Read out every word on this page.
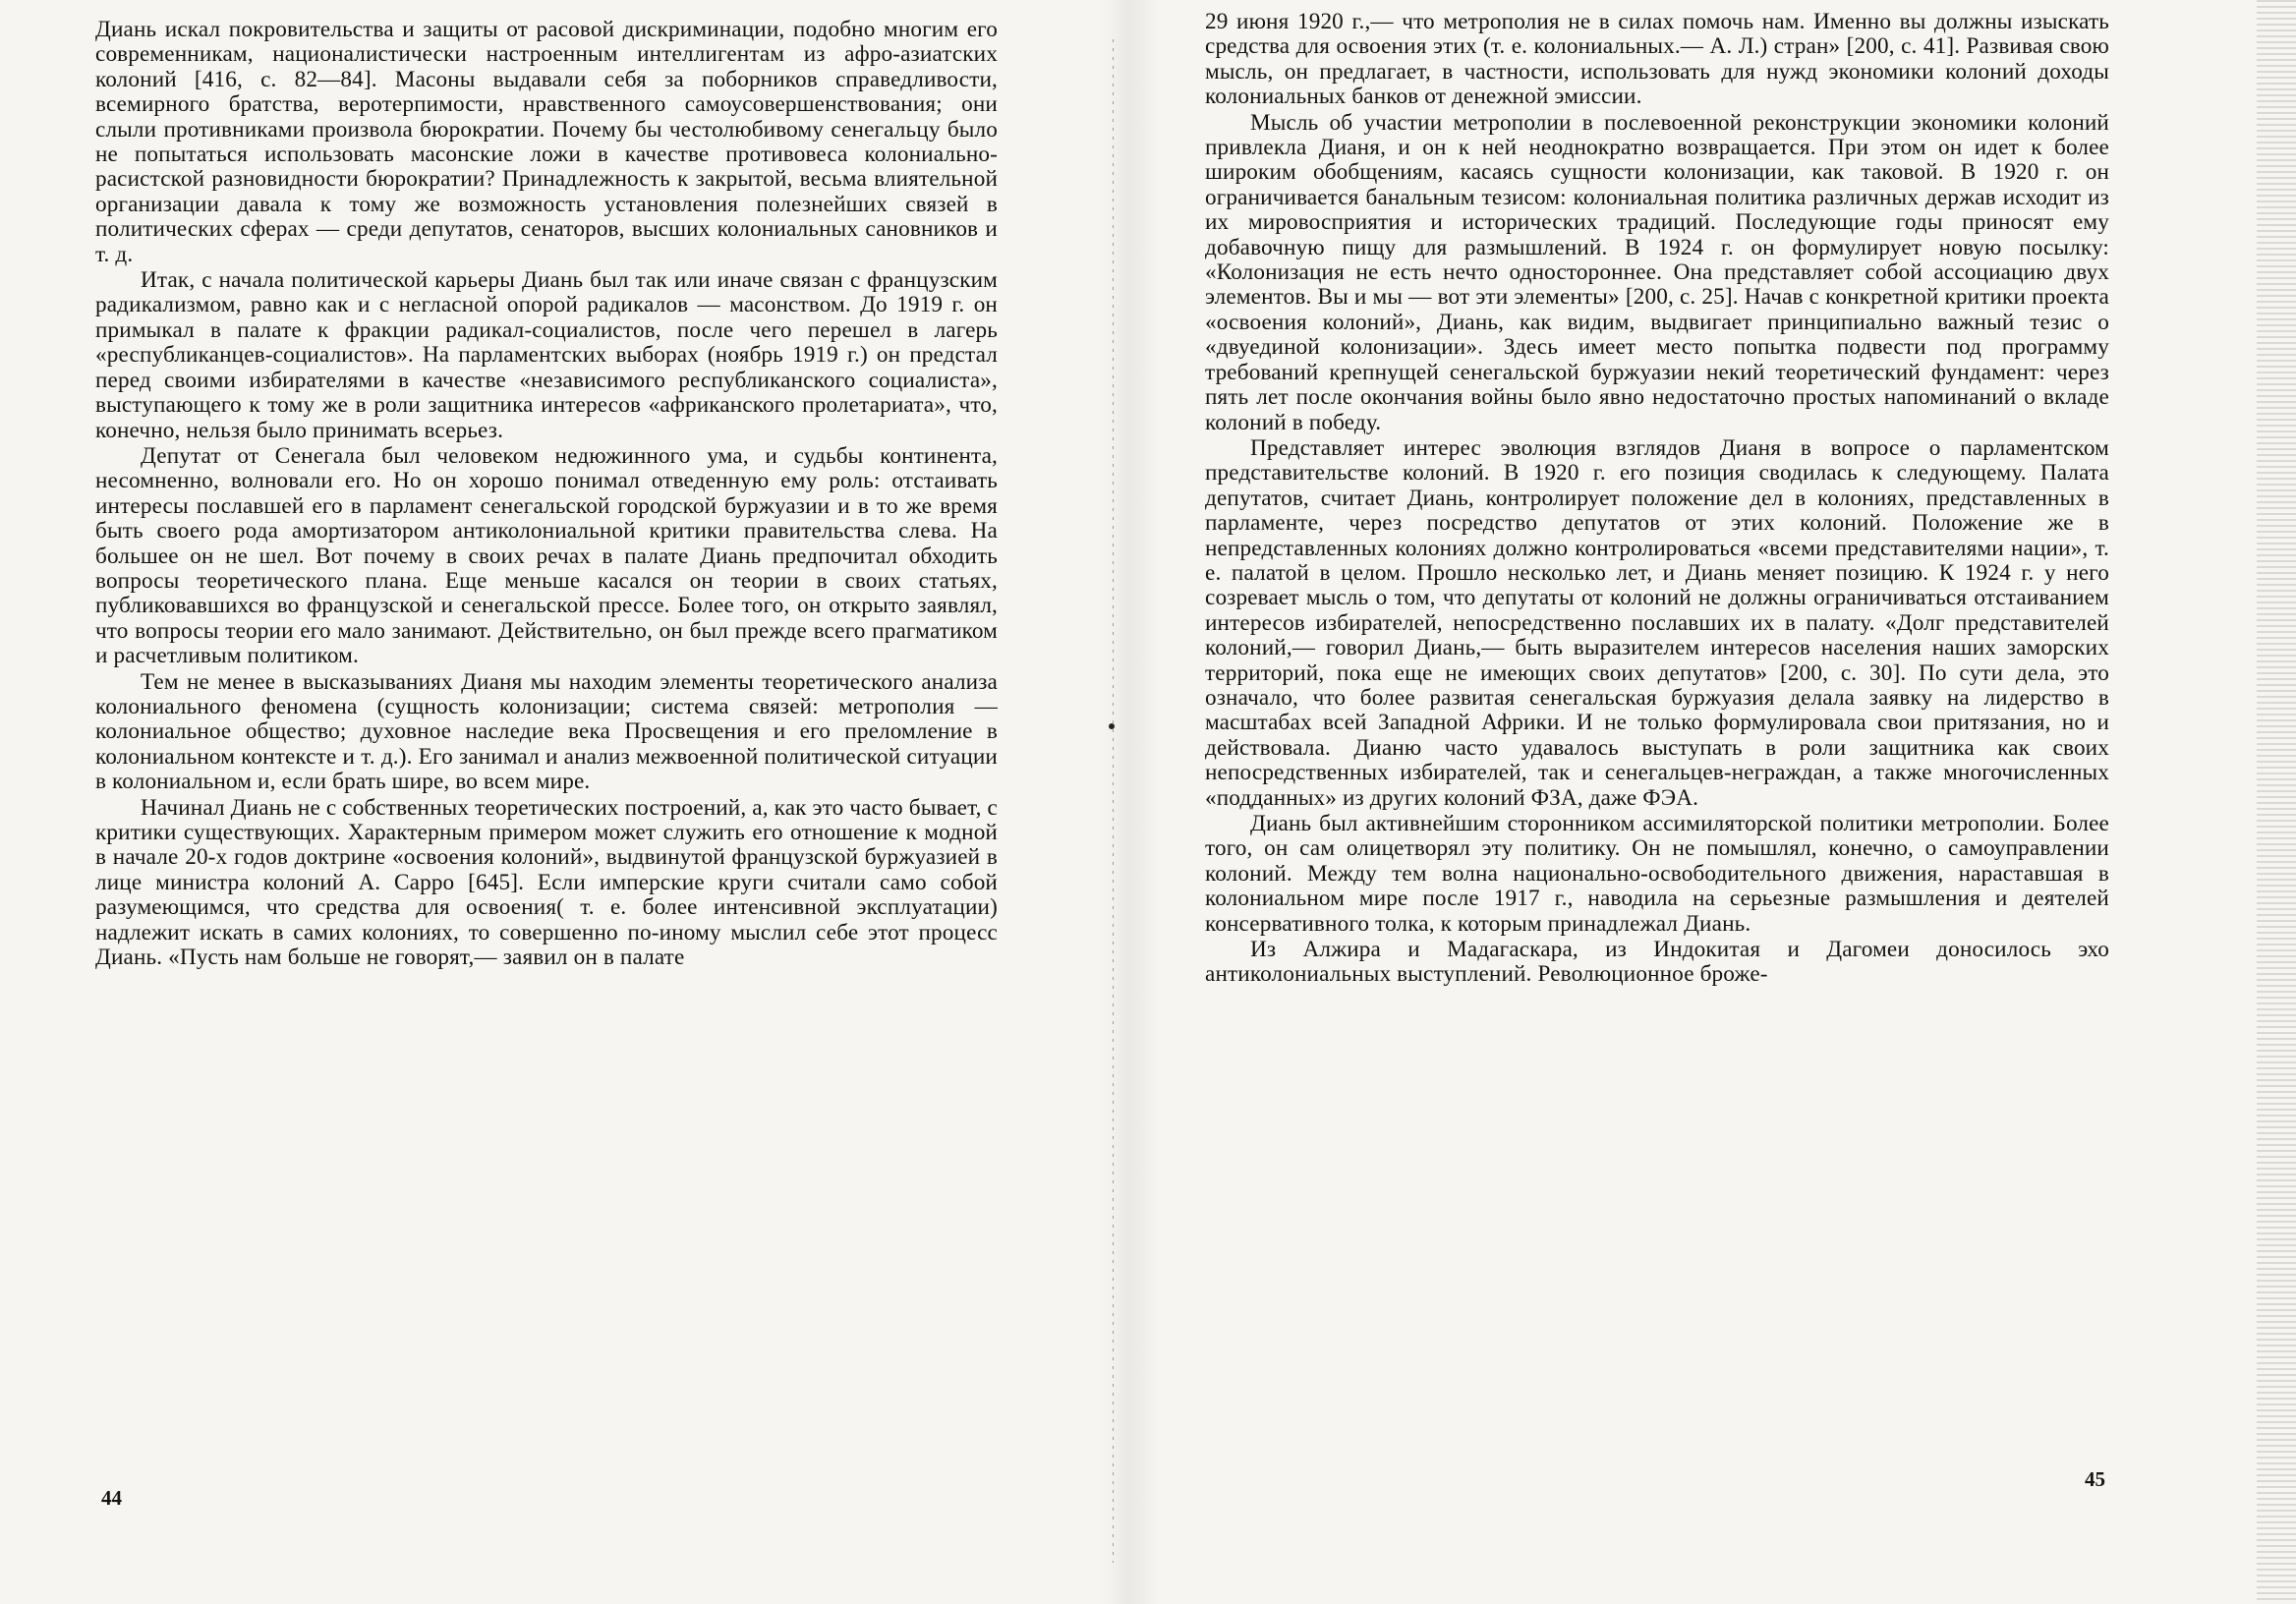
Диань искал покровительства и защиты от расовой дискриминации, подобно многим его современникам, националистически настроенным интеллигентам из афро-азиатских колоний [416, с. 82—84]. Масоны выдавали себя за поборников справедливости, всемирного братства, веротерпимости, нравственного самоусовершенствования; они слыли противниками произвола бюрократии. Почему бы честолюбивому сенегальцу было не попытаться использовать масонские ложи в качестве противовеса колониально-расистской разновидности бюрократии? Принадлежность к закрытой, весьма влиятельной организации давала к тому же возможность установления полезнейших связей в политических сферах — среди депутатов, сенаторов, высших колониальных сановников и т. д.

Итак, с начала политической карьеры Диань был так или иначе связан с французским радикализмом, равно как и с негласной опорой радикалов — масонством. До 1919 г. он примыкал в палате к фракции радикал-социалистов, после чего перешел в лагерь «республиканцев-социалистов». На парламентских выборах (ноябрь 1919 г.) он предстал перед своими избирателями в качестве «независимого республиканского социалиста», выступающего к тому же в роли защитника интересов «африканского пролетариата», что, конечно, нельзя было принимать всерьез.

Депутат от Сенегала был человеком недюжинного ума, и судьбы континента, несомненно, волновали его. Но он хорошо понимал отведенную ему роль: отстаивать интересы пославшей его в парламент сенегальской городской буржуазии и в то же время быть своего рода амортизатором антиколониальной критики правительства слева. На большее он не шел. Вот почему в своих речах в палате Диань предпочитал обходить вопросы теоретического плана. Еще меньше касался он теории в своих статьях, публиковавшихся во французской и сенегальской прессе. Более того, он открыто заявлял, что вопросы теории его мало занимают. Действительно, он был прежде всего прагматиком и расчетливым политиком.

Тем не менее в высказываниях Дианя мы находим элементы теоретического анализа колониального феномена (сущность колонизации; система связей: метрополия — колониальное общество; духовное наследие века Просвещения и его преломление в колониальном контексте и т. д.). Его занимал и анализ межвоенной политической ситуации в колониальном и, если брать шире, во всем мире.

Начинал Диань не с собственных теоретических построений, а, как это часто бывает, с критики существующих. Характерным примером может служить его отношение к модной в начале 20-х годов доктрине «освоения колоний», выдвинутой французской буржуазией в лице министра колоний А. Сарро [645]. Если имперские круги считали само собой разумеющимся, что средства для освоения( т. е. более интенсивной эксплуатации) надлежит искать в самих колониях, то совершенно по-иному мыслил себе этот процесс Диань. «Пусть нам больше не говорят,— заявил он в палате

44

29 июня 1920 г.,— что метрополия не в силах помочь нам. Именно вы должны изыскать средства для освоения этих (т. е. колониальных.— А. Л.) стран» [200, с. 41]. Развивая свою мысль, он предлагает, в частности, использовать для нужд экономики колоний доходы колониальных банков от денежной эмиссии.

Мысль об участии метрополии в послевоенной реконструкции экономики колоний привлекла Дианя, и он к ней неоднократно возвращается. При этом он идет к более широким обобщениям, касаясь сущности колонизации, как таковой. В 1920 г. он ограничивается банальным тезисом: колониальная политика различных держав исходит из их мировосприятия и исторических традиций. Последующие годы приносят ему добавочную пищу для размышлений. В 1924 г. он формулирует новую посылку: «Колонизация не есть нечто одностороннее. Она представляет собой ассоциацию двух элементов. Вы и мы — вот эти элементы» [200, с. 25]. Начав с конкретной критики проекта «освоения колоний», Диань, как видим, выдвигает принципиально важный тезис о «двуединой колонизации». Здесь имеет место попытка подвести под программу требований крепнущей сенегальской буржуазии некий теоретический фундамент: через пять лет после окончания войны было явно недостаточно простых напоминаний о вкладе колоний в победу.

Представляет интерес эволюция взглядов Дианя в вопросе о парламентском представительстве колоний. В 1920 г. его позиция сводилась к следующему. Палата депутатов, считает Диань, контролирует положение дел в колониях, представленных в парламенте, через посредство депутатов от этих колоний. Положение же в непредставленных колониях должно контролироваться «всеми представителями нации», т. е. палатой в целом. Прошло несколько лет, и Диань меняет позицию. К 1924 г. у него созревает мысль о том, что депутаты от колоний не должны ограничиваться отстаиванием интересов избирателей, непосредственно пославших их в палату. «Долг представителей колоний,— говорил Диань,— быть выразителем интересов населения наших заморских территорий, пока еще не имеющих своих депутатов» [200, с. 30]. По сути дела, это означало, что более развитая сенегальская буржуазия делала заявку на лидерство в масштабах всей Западной Африки. И не только формулировала свои притязания, но и действовала. Дианю часто удавалось выступать в роли защитника как своих непосредственных избирателей, так и сенегальцев-неграждан, а также многочисленных «подданных» из других колоний ФЗА, даже ФЭА.

Диань был активнейшим сторонником ассимиляторской политики метрополии. Более того, он сам олицетворял эту политику. Он не помышлял, конечно, о самоуправлении колоний. Между тем волна национально-освободительного движения, нараставшая в колониальном мире после 1917 г., наводила на серьезные размышления и деятелей консервативного толка, к которым принадлежал Диань.

Из Алжира и Мадагаскара, из Индокитая и Дагомеи доносилось эхо антиколониальных выступлений. Революционное броже-

45
